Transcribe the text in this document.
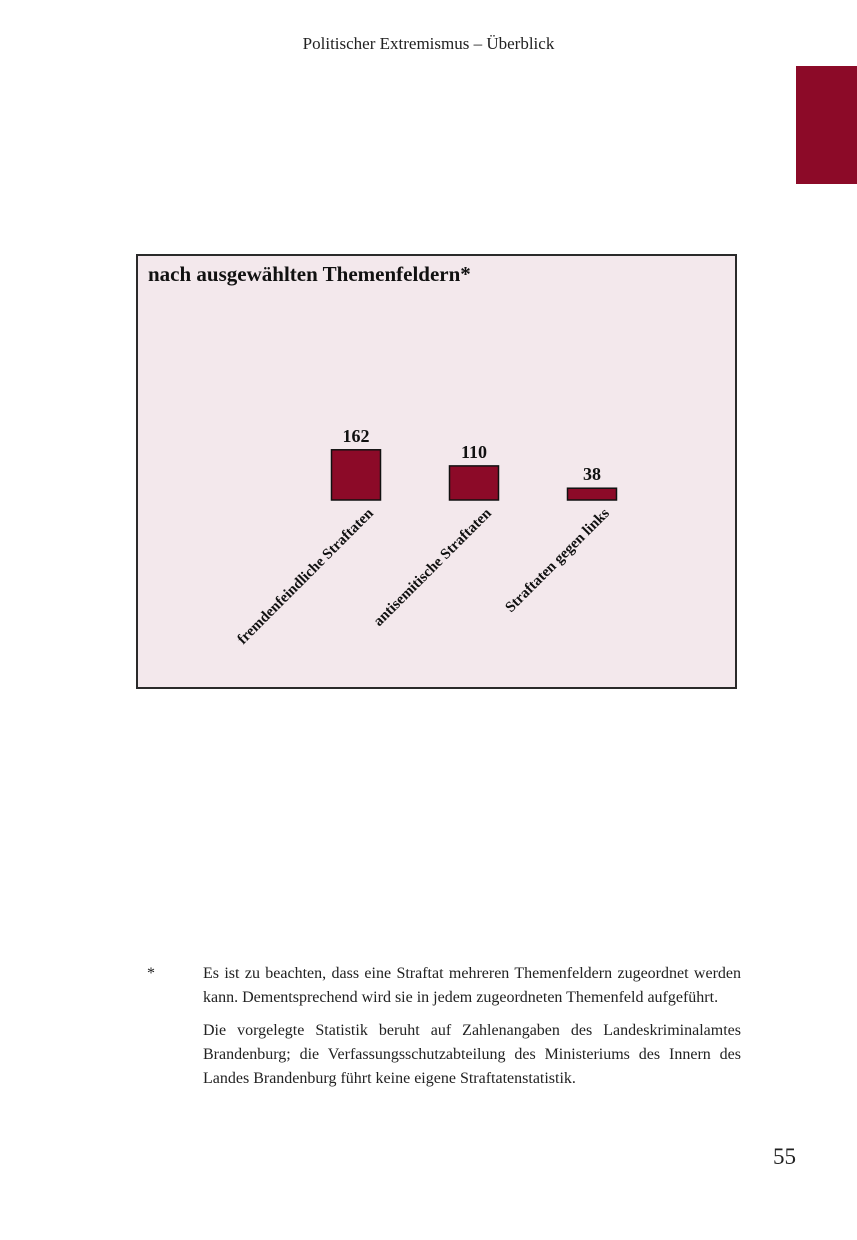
Politischer Extremismus – Überblick
nach ausgewählten Themenfeldern*
162
fremdenfeindliche Straftaten
110
antisemitische Straftaten
38
Straftaten gegen links
*	Es ist zu beachten, dass eine Straftat mehreren Themenfeldern zugeordnet werden kann. Dementsprechend wird sie in jedem zugeordneten Themenfeld aufgeführt.

Die vorgelegte Statistik beruht auf Zahlenangaben des Landeskriminalamtes Brandenburg; die Verfassungsschutzabteilung des Ministeriums des Innern des Landes Brandenburg führt keine eigene Straftatenstatistik.

55
